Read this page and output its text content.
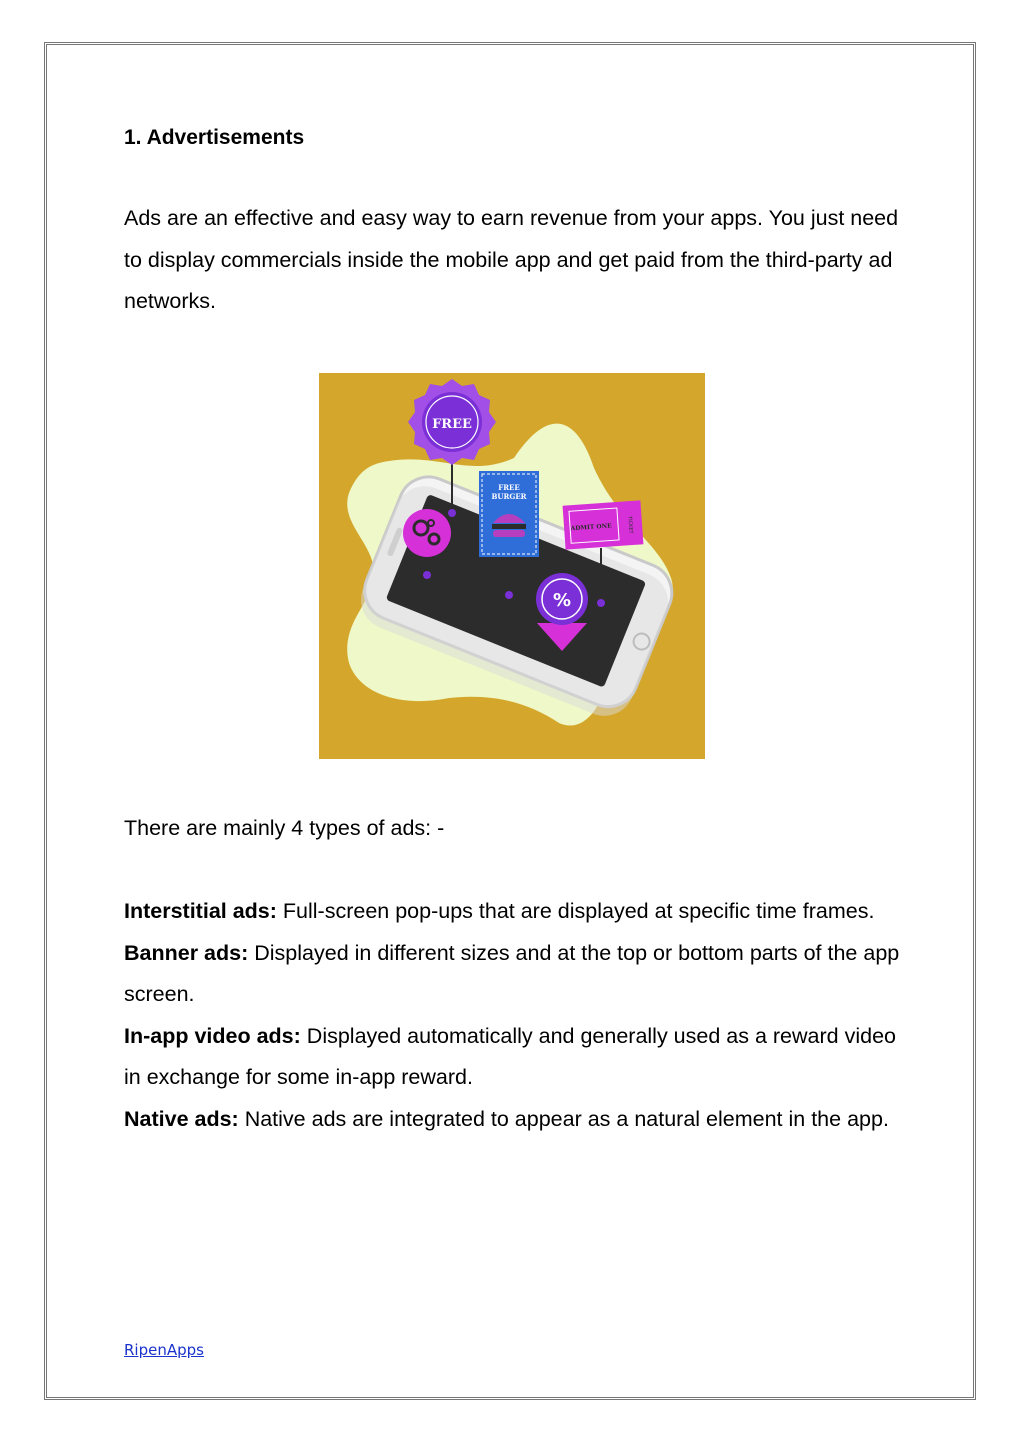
1. Advertisements
Ads are an effective and easy way to earn revenue from your apps. You just need to display commercials inside the mobile app and get paid from the third-party ad networks.
FREE
FREE
BURGER
ADMIT ONE	TICKET
%
There are mainly 4 types of ads: -

Interstitial ads: Full-screen pop-ups that are displayed at specific time frames.

Banner ads: Displayed in different sizes and at the top or bottom parts of the app screen.

In-app video ads: Displayed automatically and generally used as a reward video in exchange for some in-app reward.

Native ads: Native ads are integrated to appear as a natural element in the app.

RipenApps
